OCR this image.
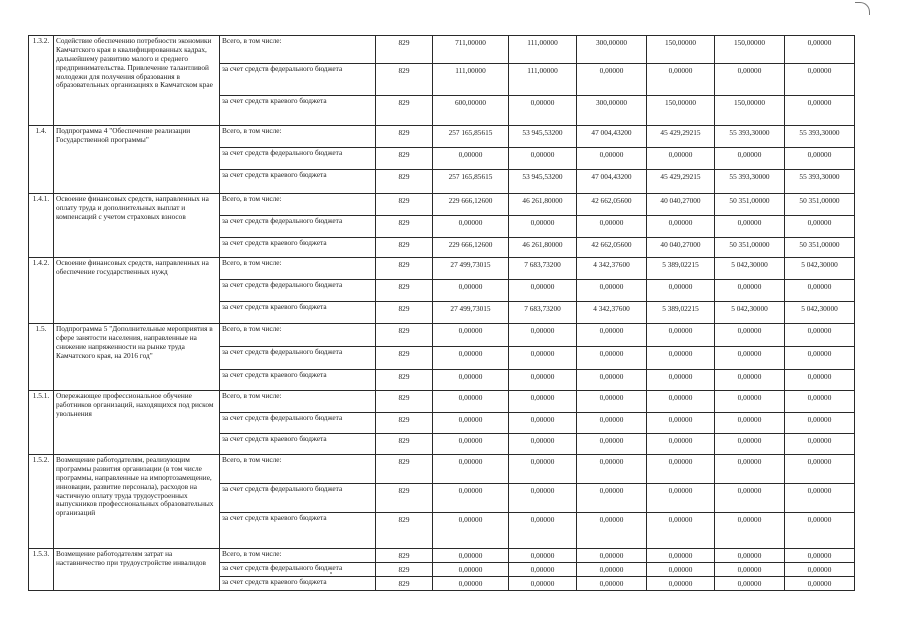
1.3.2.	Содействие обеспечению потребности экономики Камчатского края в квалифицированных кадрах, дальнейшему развитию малого и среднего предпринимательства. Привлечение талантливой молодежи для получения образования в образовательных организациях в Камчатском крае	Всего, в том числе:	829	711,00000	111,00000	300,00000	150,00000	150,00000	0,00000
		за счет средств федерального бюджета	829	111,00000	111,00000	0,00000	0,00000	0,00000	0,00000
		за счет средств краевого бюджета	829	600,00000	0,00000	300,00000	150,00000	150,00000	0,00000
1.4.	Подпрограмма 4 "Обеспечение реализации Государственной программы"	Всего, в том числе:	829	257 165,85615	53 945,53200	47 004,43200	45 429,29215	55 393,30000	55 393,30000
		за счет средств федерального бюджета	829	0,00000	0,00000	0,00000	0,00000	0,00000	0,00000
		за счет средств краевого бюджета	829	257 165,85615	53 945,53200	47 004,43200	45 429,29215	55 393,30000	55 393,30000
1.4.1.	Освоение финансовых средств, направленных на оплату труда и дополнительных выплат и компенсаций с учетом страховых взносов	Всего, в том числе:	829	229 666,12600	46 261,80000	42 662,05600	40 040,27000	50 351,00000	50 351,00000
		за счет средств федерального бюджета	829	0,00000	0,00000	0,00000	0,00000	0,00000	0,00000
		за счет средств краевого бюджета	829	229 666,12600	46 261,80000	42 662,05600	40 040,27000	50 351,00000	50 351,00000
1.4.2.	Освоение финансовых средств, направленных на обеспечение государственных нужд	Всего, в том числе:	829	27 499,73015	7 683,73200	4 342,37600	5 389,02215	5 042,30000	5 042,30000
		за счет средств федерального бюджета	829	0,00000	0,00000	0,00000	0,00000	0,00000	0,00000
		за счет средств краевого бюджета	829	27 499,73015	7 683,73200	4 342,37600	5 389,02215	5 042,30000	5 042,30000
1.5.	Подпрограмма 5 "Дополнительные мероприятия в сфере занятости населения, направленные на снижение напряженности на рынке труда Камчатского края, на 2016 год"	Всего, в том числе:	829	0,00000	0,00000	0,00000	0,00000	0,00000	0,00000
		за счет средств федерального бюджета	829	0,00000	0,00000	0,00000	0,00000	0,00000	0,00000
		за счет средств краевого бюджета	829	0,00000	0,00000	0,00000	0,00000	0,00000	0,00000
1.5.1.	Опережающее профессиональное обучение работников организаций, находящихся под риском увольнения	Всего, в том числе:	829	0,00000	0,00000	0,00000	0,00000	0,00000	0,00000
		за счет средств федерального бюджета	829	0,00000	0,00000	0,00000	0,00000	0,00000	0,00000
		за счет средств краевого бюджета	829	0,00000	0,00000	0,00000	0,00000	0,00000	0,00000
1.5.2.	Возмещение работодателям, реализующим программы развития организации (в том числе программы, направленные на импортозамещение, инновации, развитие персонала), расходов на частичную оплату труда трудоустроенных выпускников профессиональных образовательных организаций	Всего, в том числе:	829	0,00000	0,00000	0,00000	0,00000	0,00000	0,00000
		за счет средств федерального бюджета	829	0,00000	0,00000	0,00000	0,00000	0,00000	0,00000
		за счет средств краевого бюджета	829	0,00000	0,00000	0,00000	0,00000	0,00000	0,00000
1.5.3.	Возмещение работодателям затрат на наставничество при трудоустройстве инвалидов	Всего, в том числе:	829	0,00000	0,00000	0,00000	0,00000	0,00000	0,00000
		за счет средств федерального бюджета	829	0,00000	0,00000	0,00000	0,00000	0,00000	0,00000
		за счет средств краевого бюджета	829	0,00000	0,00000	0,00000	0,00000	0,00000	0,00000
